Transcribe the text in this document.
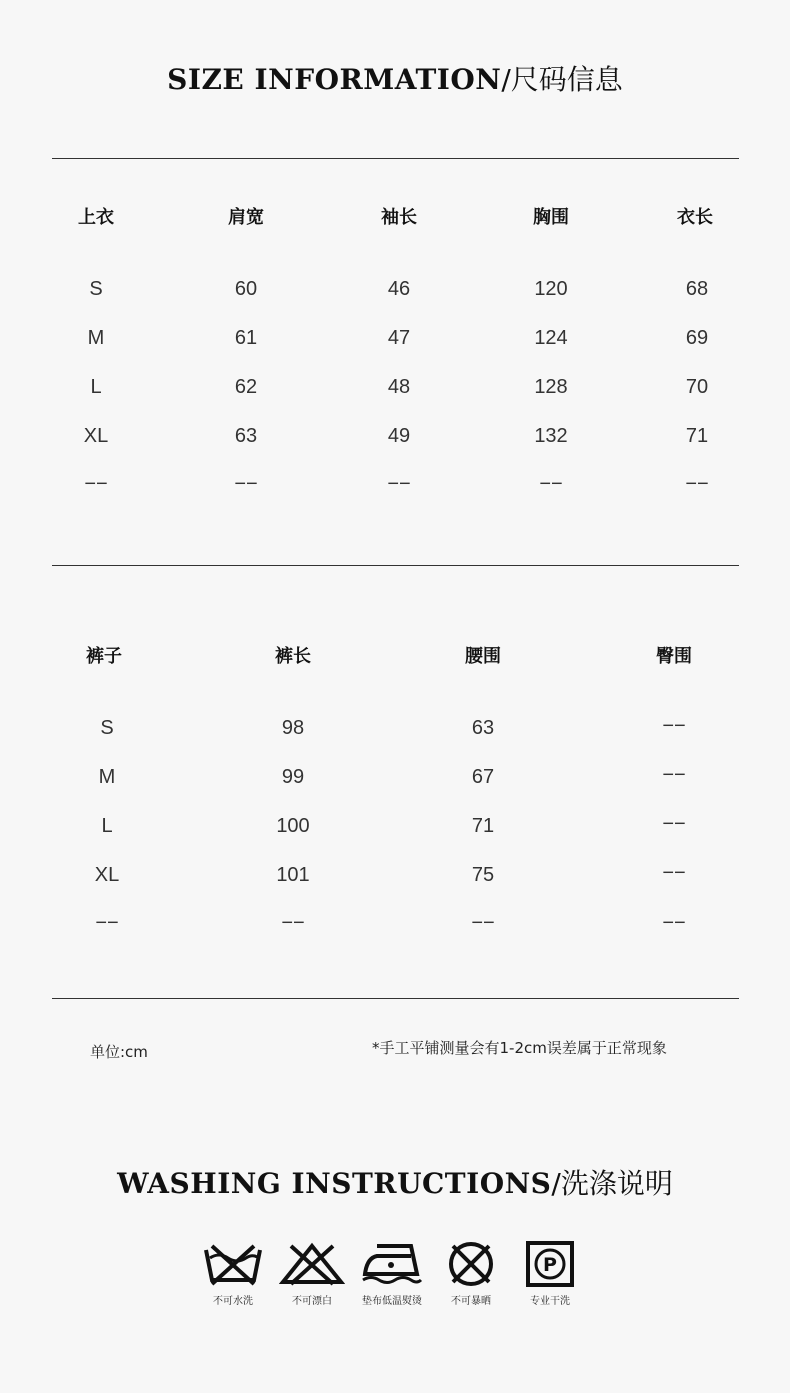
SIZE INFORMATION/尺码信息
上衣	肩宽	袖长	胸围	衣长
S	60	46	120	68
M	61	47	124	69
L	62	48	128	70
XL	63	49	132	71
−−	−−	−−	−−	−−
裤子	裤长	腰围	臀围
S	98	63	−−
M	99	67	−−
L	100	71	−−
XL	101	75	−−
−−	−−	−−	−−
单位:cm	*手工平铺测量会有1-2cm误差属于正常现象
WASHING INSTRUCTIONS/洗涤说明
不可水洗	不可漂白	垫布低温熨烫	不可暴晒
P
专业干洗
